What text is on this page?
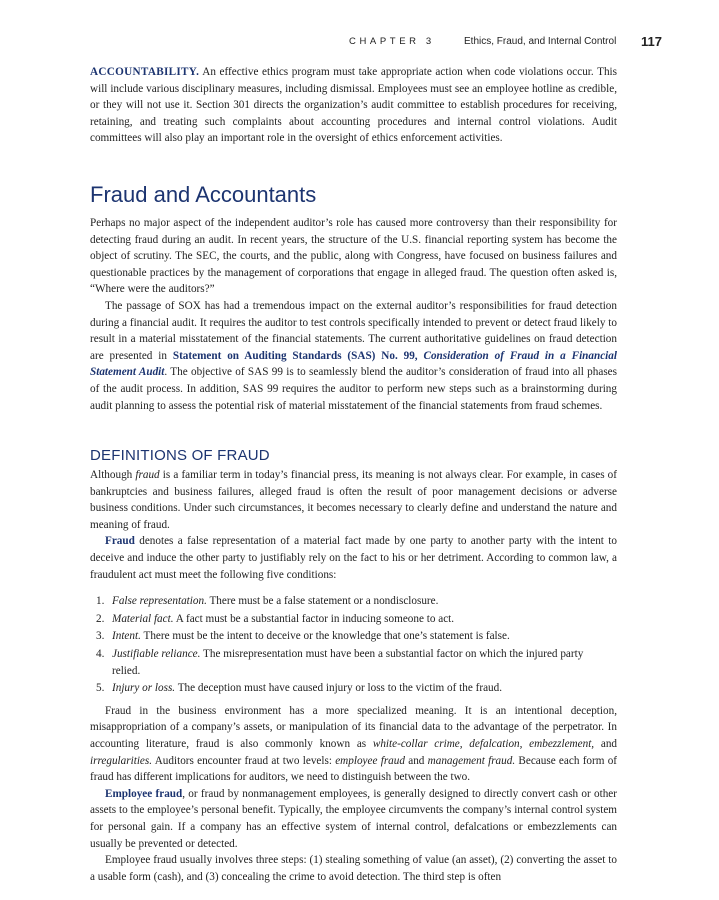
CHAPTER 3	Ethics, Fraud, and Internal Control 117

ACCOUNTABILITY. An effective ethics program must take appropriate action when code violations occur. This will include various disciplinary measures, including dismissal. Employees must see an employee hotline as credible, or they will not use it. Section 301 directs the organization’s audit committee to establish procedures for receiving, retaining, and treating such complaints about accounting procedures and internal control violations. Audit committees will also play an important role in the oversight of ethics enforcement activities.

Fraud and Accountants

Perhaps no major aspect of the independent auditor’s role has caused more controversy than their responsibility for detecting fraud during an audit. In recent years, the structure of the U.S. financial reporting system has become the object of scrutiny. The SEC, the courts, and the public, along with Congress, have focused on business failures and questionable practices by the management of corporations that engage in alleged fraud. The question often asked is, “Where were the auditors?”

The passage of SOX has had a tremendous impact on the external auditor’s responsibilities for fraud detection during a financial audit. It requires the auditor to test controls specifically intended to prevent or detect fraud likely to result in a material misstatement of the financial statements. The current authoritative guidelines on fraud detection are presented in Statement on Auditing Standards (SAS) No. 99, Consideration of Fraud in a Financial Statement Audit. The objective of SAS 99 is to seamlessly blend the auditor’s consideration of fraud into all phases of the audit process. In addition, SAS 99 requires the auditor to perform new steps such as a brainstorming during audit planning to assess the potential risk of material misstatement of the financial statements from fraud schemes.

DEFINITIONS OF FRAUD

Although fraud is a familiar term in today’s financial press, its meaning is not always clear. For example, in cases of bankruptcies and business failures, alleged fraud is often the result of poor management decisions or adverse business conditions. Under such circumstances, it becomes necessary to clearly define and understand the nature and meaning of fraud.

Fraud denotes a false representation of a material fact made by one party to another party with the intent to deceive and induce the other party to justifiably rely on the fact to his or her detriment. According to common law, a fraudulent act must meet the following five conditions:

1. False representation. There must be a false statement or a nondisclosure.
2. Material fact. A fact must be a substantial factor in inducing someone to act.
3. Intent. There must be the intent to deceive or the knowledge that one’s statement is false.
4. Justifiable reliance. The misrepresentation must have been a substantial factor on which the injured party relied.
5. Injury or loss. The deception must have caused injury or loss to the victim of the fraud.

Fraud in the business environment has a more specialized meaning. It is an intentional deception, misappropriation of a company’s assets, or manipulation of its financial data to the advantage of the perpetrator. In accounting literature, fraud is also commonly known as white-collar crime, defalcation, embezzlement, and irregularities. Auditors encounter fraud at two levels: employee fraud and management fraud. Because each form of fraud has different implications for auditors, we need to distinguish between the two.

Employee fraud, or fraud by nonmanagement employees, is generally designed to directly convert cash or other assets to the employee’s personal benefit. Typically, the employee circumvents the company’s internal control system for personal gain. If a company has an effective system of internal control, defalcations or embezzlements can usually be prevented or detected.

Employee fraud usually involves three steps: (1) stealing something of value (an asset), (2) converting the asset to a usable form (cash), and (3) concealing the crime to avoid detection. The third step is often
